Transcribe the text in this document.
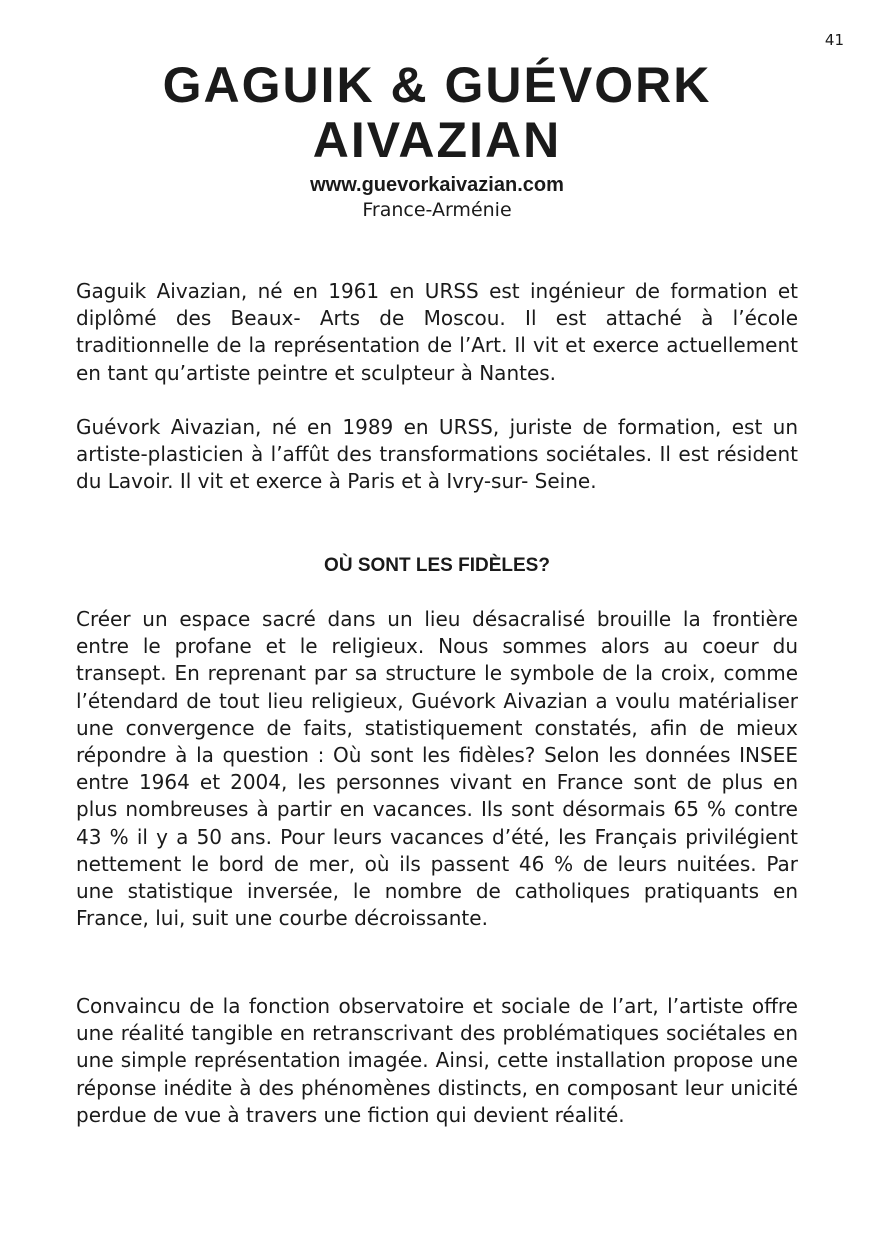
41
GAGUIK & GUÉVORK
AIVAZIAN
www.guevorkaivazian.com
France-Arménie

Gaguik Aivazian, né en 1961 en URSS est ingénieur de formation et diplômé des Beaux- Arts de Moscou. Il est attaché à l’école traditionnelle de la représentation de l’Art. Il vit et exerce actuellement en tant qu’artiste peintre et sculpteur à Nantes.

Guévork Aivazian, né en 1989 en URSS, juriste de formation, est un artiste-plasticien à l’affût des transformations sociétales. Il est résident du Lavoir. Il vit et exerce à Paris et à Ivry-sur- Seine.

OÙ SONT LES FIDÈLES?

Créer un espace sacré dans un lieu désacralisé brouille la frontière entre le profane et le religieux. Nous sommes alors au coeur du transept. En reprenant par sa structure le symbole de la croix, comme l’étendard de tout lieu religieux, Guévork Aivazian a voulu matérialiser une convergence de faits, statistiquement constatés, afin de mieux répondre à la question : Où sont les fidèles? Selon les données INSEE entre 1964 et 2004, les personnes vivant en France sont de plus en plus nombreuses à partir en vacances. Ils sont désormais 65 % contre 43 % il y a 50 ans. Pour leurs vacances d’été, les Français privilégient nettement le bord de mer, où ils passent 46 % de leurs nuitées. Par une statistique inversée, le nombre de catholiques pratiquants en France, lui, suit une courbe décroissante.

Convaincu de la fonction observatoire et sociale de l’art, l’artiste offre une réalité tangible en retranscrivant des problématiques sociétales en une simple représentation imagée. Ainsi, cette installation propose une réponse inédite à des phénomènes distincts, en composant leur unicité perdue de vue à travers une fiction qui devient réalité.
